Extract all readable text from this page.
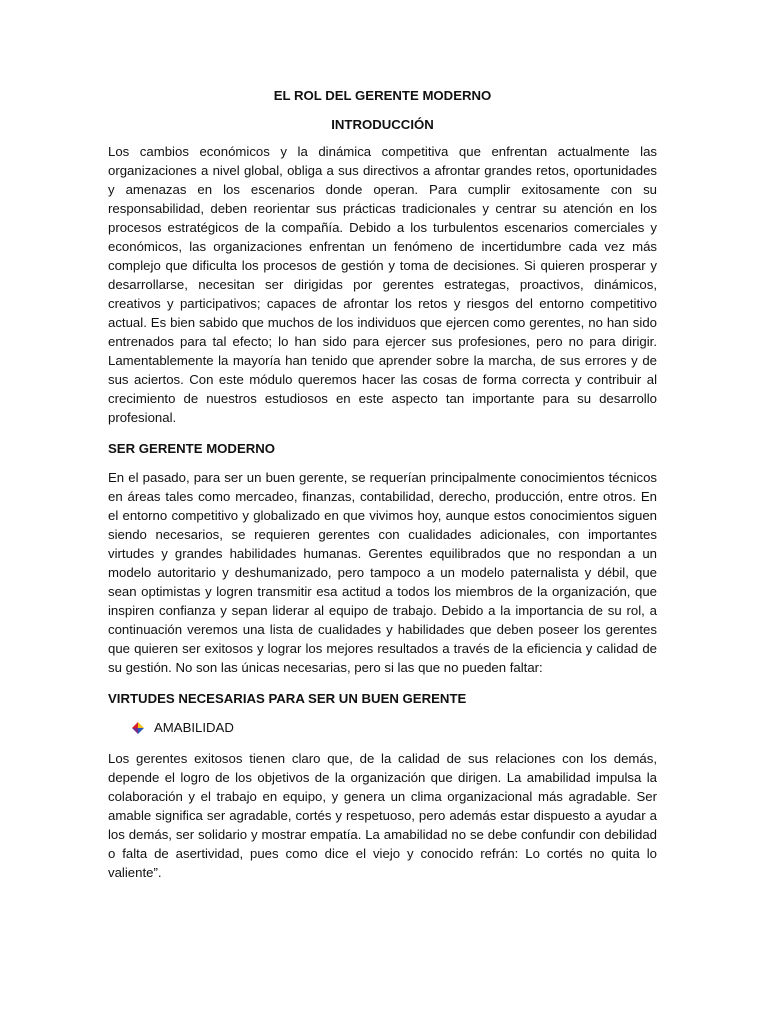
EL ROL DEL GERENTE MODERNO
INTRODUCCIÓN

Los cambios económicos y la dinámica competitiva que enfrentan actualmente las organizaciones a nivel global, obliga a sus directivos a afrontar grandes retos, oportunidades y amenazas en los escenarios donde operan. Para cumplir exitosamente con su responsabilidad, deben reorientar sus prácticas tradicionales y centrar su atención en los procesos estratégicos de la compañía. Debido a los turbulentos escenarios comerciales y económicos, las organizaciones enfrentan un fenómeno de incertidumbre cada vez más complejo que dificulta los procesos de gestión y toma de decisiones. Si quieren prosperar y desarrollarse, necesitan ser dirigidas por gerentes estrategas, proactivos, dinámicos, creativos y participativos; capaces de afrontar los retos y riesgos del entorno competitivo actual. Es bien sabido que muchos de los individuos que ejercen como gerentes, no han sido entrenados para tal efecto; lo han sido para ejercer sus profesiones, pero no para dirigir. Lamentablemente la mayoría han tenido que aprender sobre la marcha, de sus errores y de sus aciertos. Con este módulo queremos hacer las cosas de forma correcta y contribuir al crecimiento de nuestros estudiosos en este aspecto tan importante para su desarrollo profesional.

SER GERENTE MODERNO

En el pasado, para ser un buen gerente, se requerían principalmente conocimientos técnicos en áreas tales como mercadeo, finanzas, contabilidad, derecho, producción, entre otros. En el entorno competitivo y globalizado en que vivimos hoy, aunque estos conocimientos siguen siendo necesarios, se requieren gerentes con cualidades adicionales, con importantes virtudes y grandes habilidades humanas. Gerentes equilibrados que no respondan a un modelo autoritario y deshumanizado, pero tampoco a un modelo paternalista y débil, que sean optimistas y logren transmitir esa actitud a todos los miembros de la organización, que inspiren confianza y sepan liderar al equipo de trabajo. Debido a la importancia de su rol, a continuación veremos una lista de cualidades y habilidades que deben poseer los gerentes que quieren ser exitosos y lograr los mejores resultados a través de la eficiencia y calidad de su gestión. No son las únicas necesarias, pero si las que no pueden faltar:

VIRTUDES NECESARIAS PARA SER UN BUEN GERENTE
AMABILIDAD

Los gerentes exitosos tienen claro que, de la calidad de sus relaciones con los demás, depende el logro de los objetivos de la organización que dirigen. La amabilidad impulsa la colaboración y el trabajo en equipo, y genera un clima organizacional más agradable. Ser amable significa ser agradable, cortés y respetuoso, pero además estar dispuesto a ayudar a los demás, ser solidario y mostrar empatía. La amabilidad no se debe confundir con debilidad o falta de asertividad, pues como dice el viejo y conocido refrán: Lo cortés no quita lo valiente”.
